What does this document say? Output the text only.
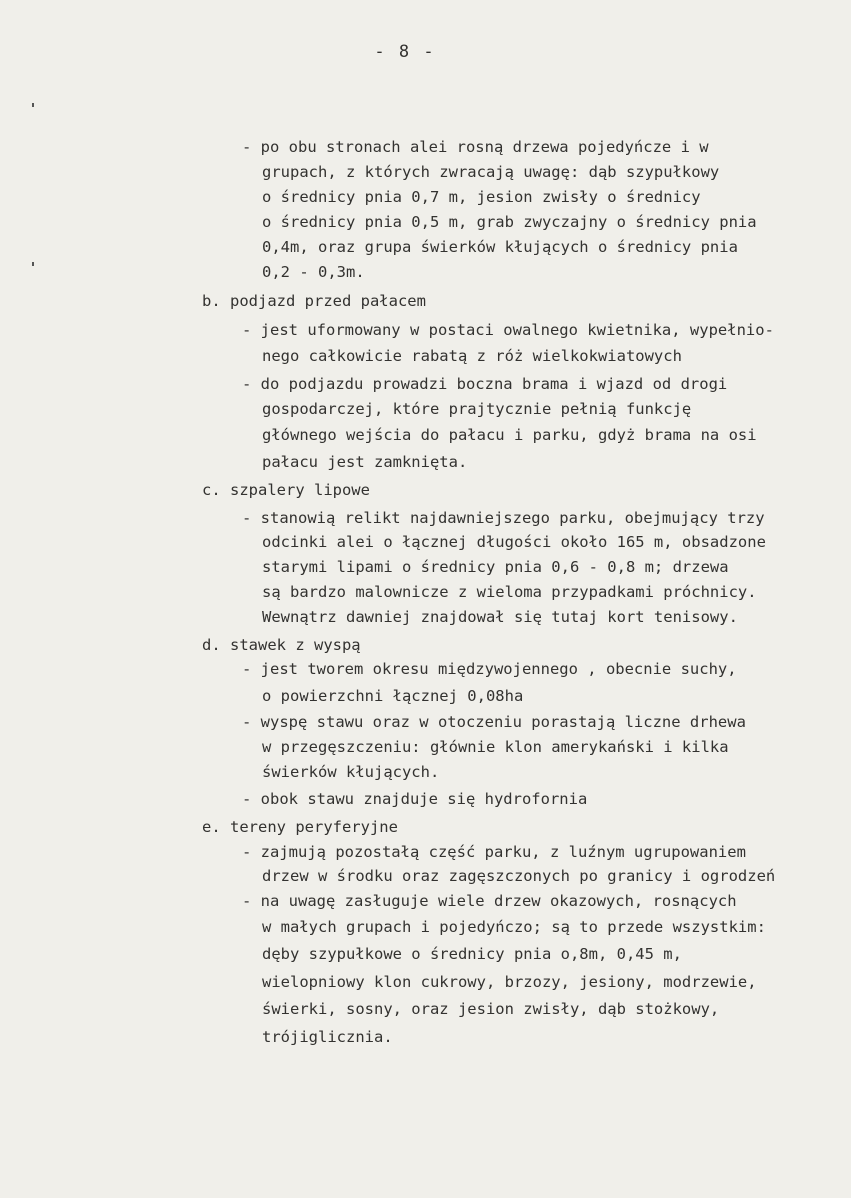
- 8 -
- po obu stronach alei rosną drzewa pojedyńcze i w
grupach, z których zwracają uwagę: dąb szypułkowy
o średnicy pnia 0,7 m, jesion zwisły o średnicy
o średnicy pnia 0,5 m, grab zwyczajny o średnicy pnia
0,4m, oraz grupa świerków kłujących o średnicy pnia
0,2 - 0,3m.
b. podjazd przed pałacem
- jest uformowany w postaci owalnego kwietnika, wypełnio-
nego całkowicie rabatą z róż wielkokwiatowych
- do podjazdu prowadzi boczna brama i wjazd od drogi
gospodarczej, które prajtycznie pełnią funkcję
głównego wejścia do pałacu i parku, gdyż brama na osi
pałacu jest zamknięta.
c. szpalery lipowe
- stanowią relikt najdawniejszego parku, obejmujący trzy
odcinki alei o łącznej długości około 165 m, obsadzone
starymi lipami o średnicy pnia 0,6 - 0,8 m; drzewa
są bardzo malownicze z wieloma przypadkami próchnicy.
Wewnątrz dawniej znajdował się tutaj kort tenisowy.
d. stawek z wyspą
- jest tworem okresu międzywojennego , obecnie suchy,
o powierzchni łącznej 0,08ha
- wyspę stawu oraz w otoczeniu porastają liczne drhewa
w przegęszczeniu: głównie klon amerykański i kilka
świerków kłujących.
- obok stawu znajduje się hydrofornia
e. tereny peryferyjne
- zajmują pozostałą część parku, z luźnym ugrupowaniem
drzew w środku oraz zagęszczonych po granicy i ogrodzeń
- na uwagę zasługuje wiele drzew okazowych, rosnących
w małych grupach i pojedyńczo; są to przede wszystkim:
dęby szypułkowe o średnicy pnia o,8m, 0,45 m,
wielopniowy klon cukrowy, brzozy, jesiony, modrzewie,
świerki, sosny, oraz jesion zwisły, dąb stożkowy,
trójiglicznia.
